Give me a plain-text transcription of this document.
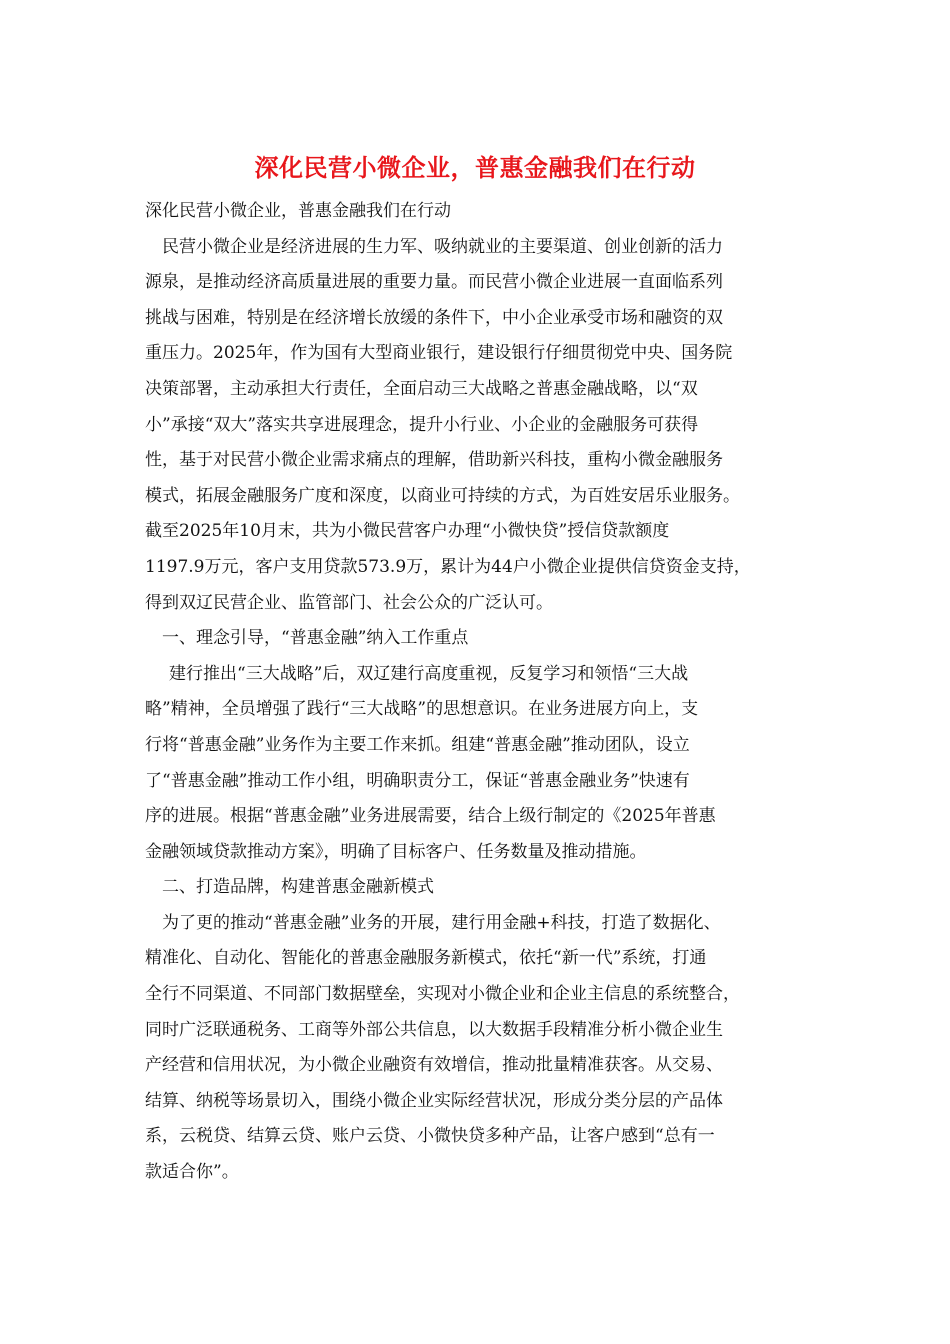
深化民营小微企业，普惠金融我们在行动
深化民营小微企业，普惠金融我们在行动
民营小微企业是经济进展的生力军、吸纳就业的主要渠道、创业创新的活力
源泉，是推动经济高质量进展的重要力量。而民营小微企业进展一直面临系列
挑战与困难，特别是在经济增长放缓的条件下，中小企业承受市场和融资的双
重压力。2025年，作为国有大型商业银行，建设银行仔细贯彻党中央、国务院
决策部署，主动承担大行责任，全面启动三大战略之普惠金融战略，以“双
小”承接“双大”落实共享进展理念，提升小行业、小企业的金融服务可获得
性，基于对民营小微企业需求痛点的理解，借助新兴科技，重构小微金融服务
模式，拓展金融服务广度和深度，以商业可持续的方式，为百姓安居乐业服务。
截至2025年10月末，共为小微民营客户办理“小微快贷”授信贷款额度
1197.9万元，客户支用贷款573.9万，累计为44户小微企业提供信贷资金支持，
得到双辽民营企业、监管部门、社会公众的广泛认可。
一、理念引导，“普惠金融”纳入工作重点
建行推出“三大战略”后，双辽建行高度重视，反复学习和领悟“三大战
略”精神，全员增强了践行“三大战略”的思想意识。在业务进展方向上，支
行将“普惠金融”业务作为主要工作来抓。组建“普惠金融”推动团队，设立
了“普惠金融”推动工作小组，明确职责分工，保证“普惠金融业务”快速有
序的进展。根据“普惠金融”业务进展需要，结合上级行制定的《2025年普惠
金融领域贷款推动方案》，明确了目标客户、任务数量及推动措施。
二、打造品牌，构建普惠金融新模式
为了更的推动“普惠金融”业务的开展，建行用金融+科技，打造了数据化、
精准化、自动化、智能化的普惠金融服务新模式，依托“新一代”系统，打通
全行不同渠道、不同部门数据壁垒，实现对小微企业和企业主信息的系统整合，
同时广泛联通税务、工商等外部公共信息，以大数据手段精准分析小微企业生
产经营和信用状况，为小微企业融资有效增信，推动批量精准获客。从交易、
结算、纳税等场景切入，围绕小微企业实际经营状况，形成分类分层的产品体
系，云税贷、结算云贷、账户云贷、小微快贷多种产品，让客户感到“总有一
款适合你”。
